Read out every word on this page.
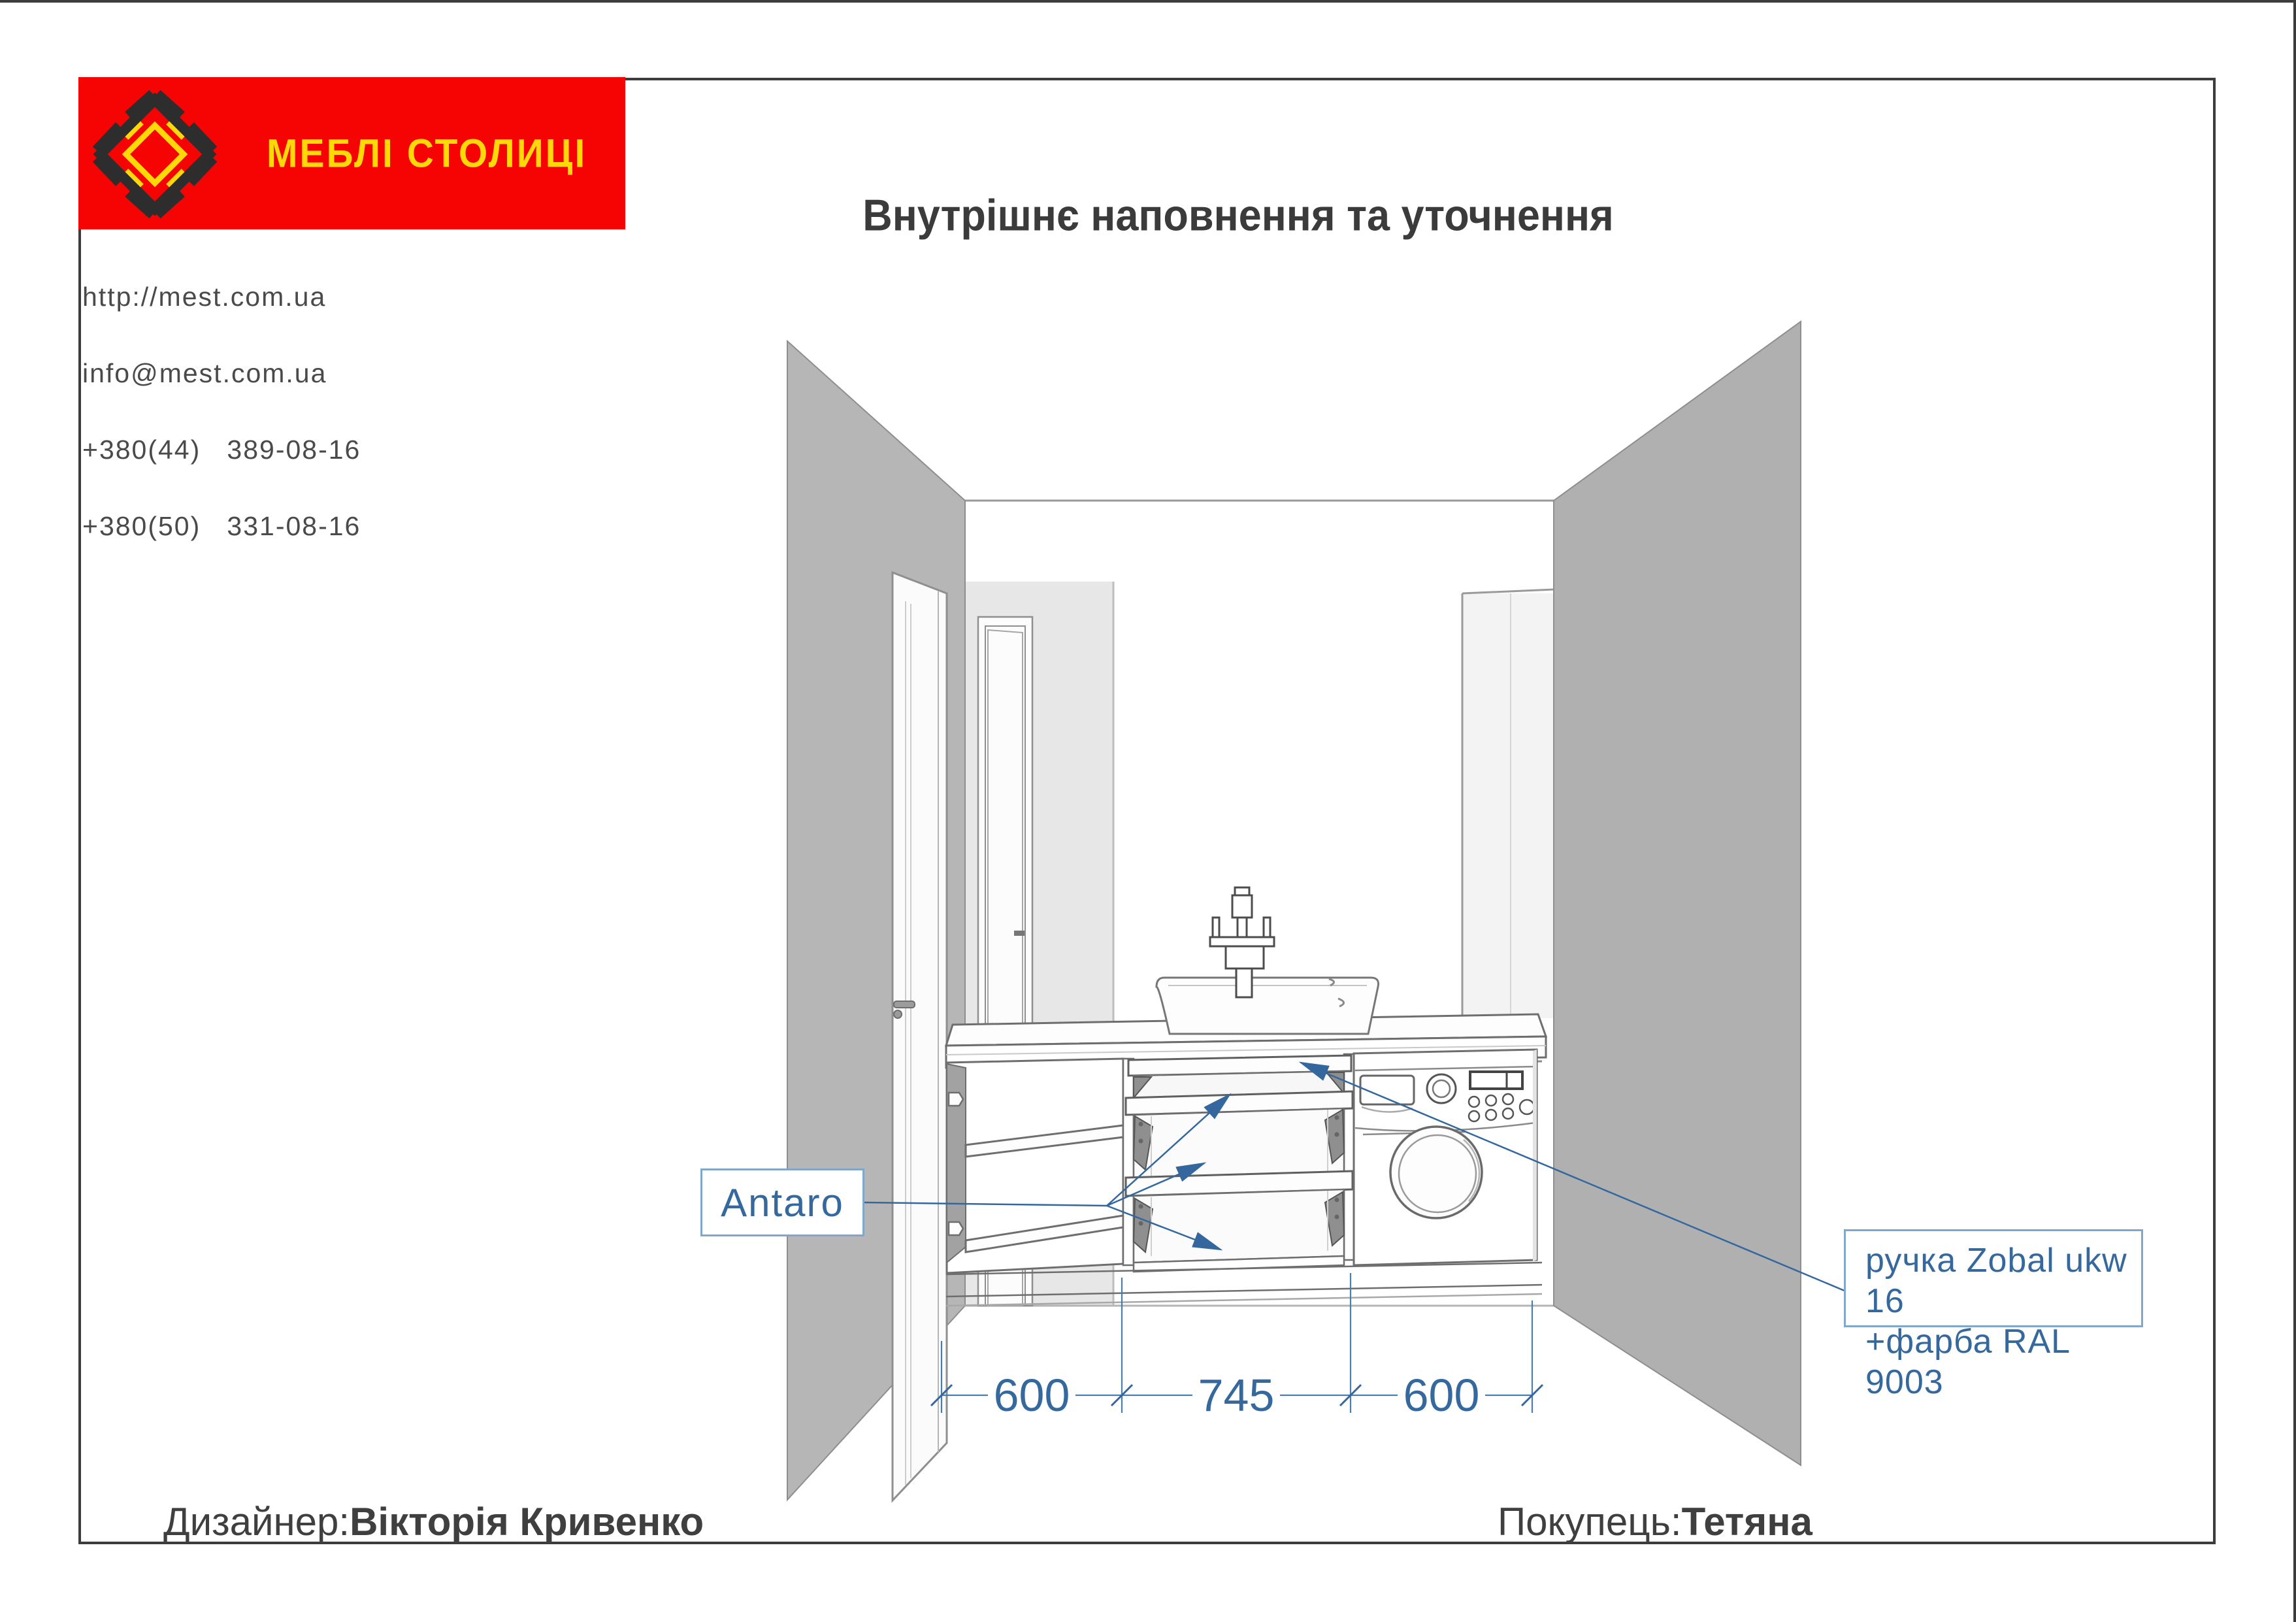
МЕБЛІ СТОЛИЦІ

http://mest.com.ua

info@mest.com.ua

+380(44)   389-08-16

+380(50)   331-08-16

Внутрішнє наповнення та уточнення
600	745	600
Antaro
ручка Zobal ukw 16
+фарба RAL 9003
Дизайнер:Вікторія Кривенко	Покупець:Тетяна
